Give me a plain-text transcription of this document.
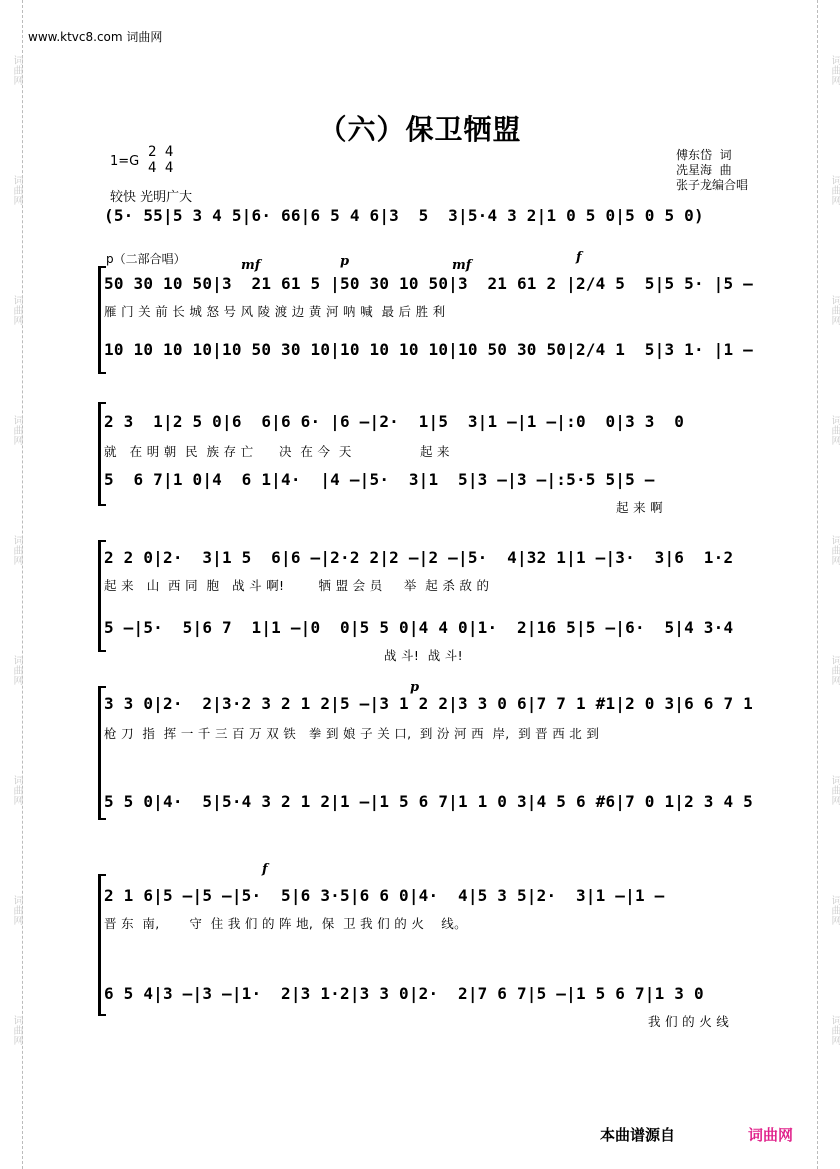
词曲网
词曲网
词曲网
词曲网
词曲网
词曲网
词曲网
词曲网
词曲网
词曲网
词曲网
词曲网
词曲网
词曲网
词曲网
词曲网
词曲网
词曲网
www.ktvc8.com 词曲网
（六）保卫牺盟
1=G
2 4
4 4
较快 光明广大
傅东岱  词
冼星海  曲
张子龙编合唱
(5· 55|5 3 4 5|6· 66|6 5 4 6|3  5  3|5·4 3 2|1 0 5 0|5 0 5 0)
p（二部合唱）	mf	p	mf
f
50 30 10 50|3  21 61 5 |50 30 10 50|3  21 61 2 |2/4 5  5|5 5· |5 –
雁 门 关 前 长 城 怒 号 风 陵 渡 边 黄 河 呐 喊  最 后 胜 利
10 10 10 10|10 50 30 10|10 10 10 10|10 50 30 50|2/4 1  5|3 1· |1 –
2 3  1|2 5 0|6  6|6 6· |6 –|2·  1|5  3|1 –|1 –|:0  0|3 3  0
就   在 明 朝  民  族 存 亡      决  在 今  天                起 来
5  6 7|1 0|4  6 1|4·  |4 –|5·  3|1  5|3 –|3 –|:5·5 5|5 –
起 来 啊
2 2 0|2·  3|1 5  6|6 –|2·2 2|2 –|2 –|5·  4|32 1|1 –|3·  3|6  1·2
起 来   山  西 同  胞   战 斗 啊!        牺 盟 会 员     举  起 杀 敌 的
5 –|5·  5|6 7  1|1 –|0  0|5 5 0|4 4 0|1·  2|16 5|5 –|6·  5|4 3·4
战 斗!  战 斗!
p
3 3 0|2·  2|3·2 3 2 1 2|5 –|3 1 2 2|3 3 0 6|7 7 1 #1|2 0 3|6 6 7 1
枪 刀  指  挥 一 千 三 百 万 双 铁   拳 到 娘 子 关 口,  到 汾 河 西  岸,  到 晋 西 北 到
5 5 0|4·  5|5·4 3 2 1 2|1 –|1 5 6 7|1 1 0 3|4 5 6 #6|7 0 1|2 3 4 5
f
2 1 6|5 –|5 –|5·  5|6 3·5|6 6 0|4·  4|5 3 5|2·  3|1 –|1 –
晋 东  南,       守  住 我 们 的 阵 地,  保  卫 我 们 的 火    线。
6 5 4|3 –|3 –|1·  2|3 1·2|3 3 0|2·  2|7 6 7|5 –|1 5 6 7|1 3 0
我 们 的 火 线
本曲谱源自	词曲网
